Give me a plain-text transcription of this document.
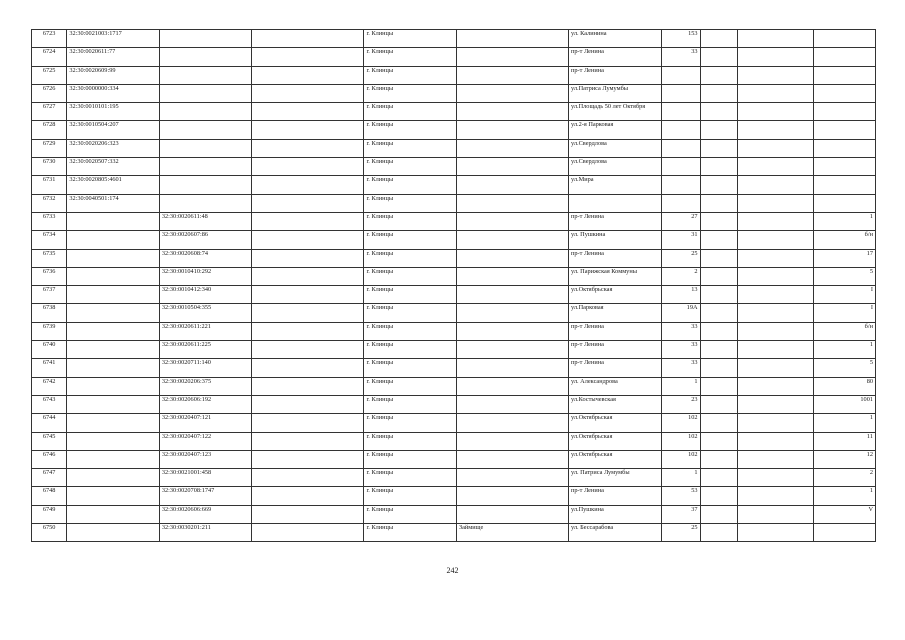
6723	32:30:0021003:1717			г. Клинцы		ул. Калинина	153			
6724	32:30:0020611:77			г. Клинцы		пр-т Ленина	33			
6725	32:30:0020609:99			г. Клинцы		пр-т Ленина				
6726	32:30:0000000:334			г. Клинцы		ул.Патриса Лумумбы				
6727	32:30:0010101:195			г. Клинцы		ул.Площадь 50 лет Октября				
6728	32:30:0010504:207			г. Клинцы		ул.2-я Парковая				
6729	32:30:0020206:323			г. Клинцы		ул.Свердлова				
6730	32:30:0020507:332			г. Клинцы		ул.Свердлова				
6731	32:30:0020805:4601			г. Клинцы		ул.Мира				
6732	32:30:0040501:174			г. Клинцы						
6733		32:30:0020611:48		г. Клинцы		пр-т Ленина	27			1
6734		32:30:0020607:86		г. Клинцы		ул. Пушкина	31			б/н
6735		32:30:0020608:74		г. Клинцы		пр-т Ленина	25			17
6736		32:30:0010410:292		г. Клинцы		ул. Парижская Коммуны	2			5
6737		32:30:0010412:340		г. Клинцы		ул.Октябрьская	13			I
6738		32:30:0010504:355		г. Клинцы		ул.Парковая	19А			I
6739		32:30:0020611:221		г. Клинцы		пр-т Ленина	33			б/н
6740		32:30:0020611:225		г. Клинцы		пр-т Ленина	33			1
6741		32:30:0020711:140		г. Клинцы		пр-т Ленина	33			5
6742		32:30:0020206:375		г. Клинцы		ул. Александрова	1			80
6743		32:30:0020606:192		г. Клинцы		ул.Костычевская	23			1001
6744		32:30:0020407:121		г. Клинцы		ул.Октябрьская	102			1
6745		32:30:0020407:122		г. Клинцы		ул.Октябрьская	102			11
6746		32:30:0020407:123		г. Клинцы		ул.Октябрьская	102			12
6747		32:30:0021001:458		г. Клинцы		ул. Патриса Лумумбы	1			2
6748		32:30:0020708:1747		г. Клинцы		пр-т Ленина	53			1
6749		32:30:0020606:669		г. Клинцы		ул.Пушкина	37			V
6750		32:30:0030201:211		г. Клинцы	Займище	ул. Бессарабова	25			
242
